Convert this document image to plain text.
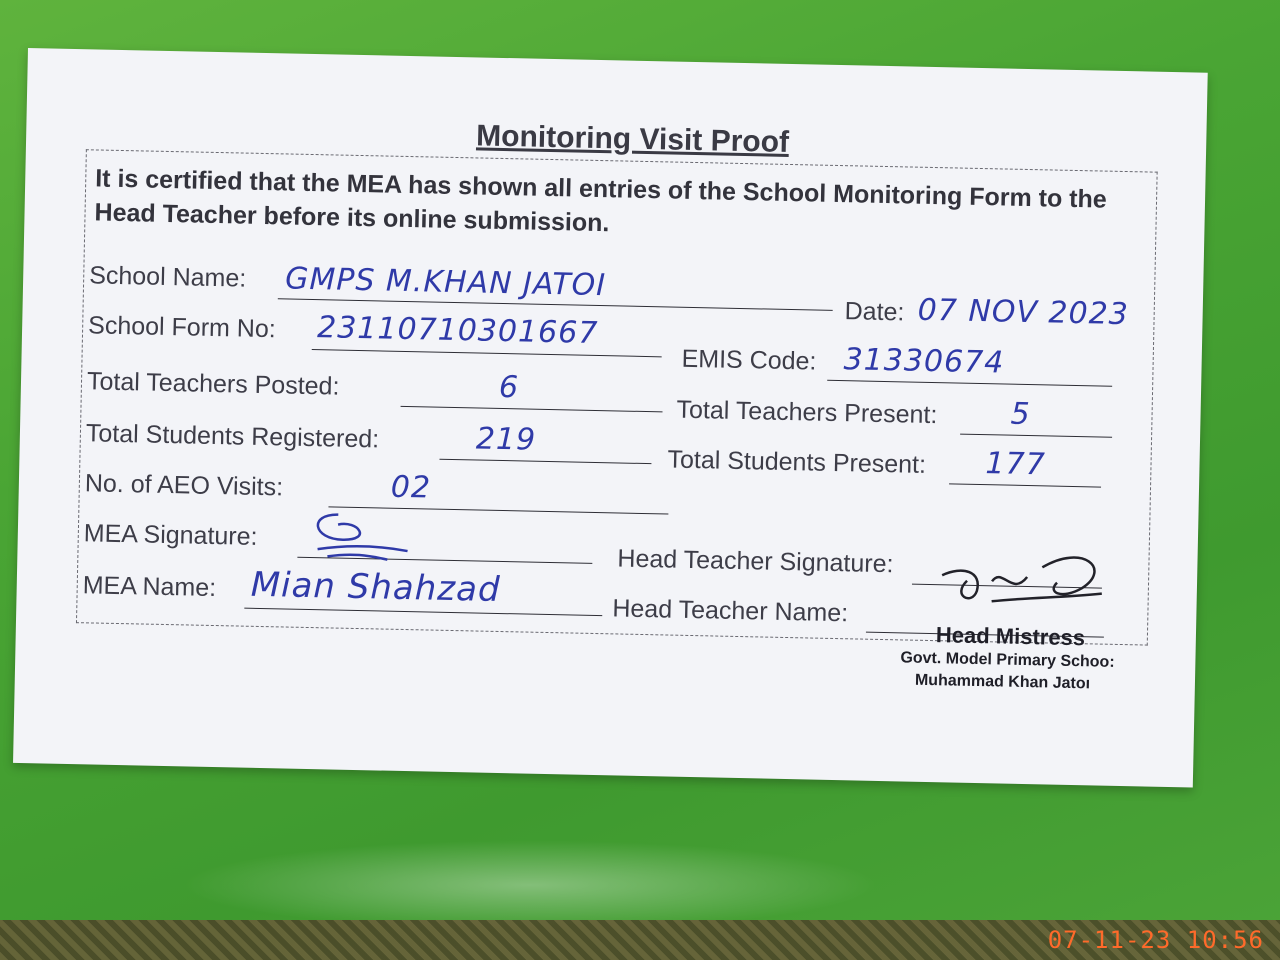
Monitoring Visit Proof
It is certified that the MEA has shown all entries of the School Monitoring Form to the Head Teacher before its online submission.
School Name: GMPS M.KHAN JATOI
Date: 07 NOV 2023
School Form No: 23110710301667
EMIS Code: 31330674
Total Teachers Posted:	6
Total Teachers Present: 5
Total Students Registered:	219
Total Students Present: 177
No. of AEO Visits:	02
MEA Signature:
Head Teacher Signature:
MEA Name: Mian Shahzad
Head Teacher Name:
Head Mistress
Govt. Model Primary Schoo:
Muhammad Khan Jatoı
07-11-23 10:56
